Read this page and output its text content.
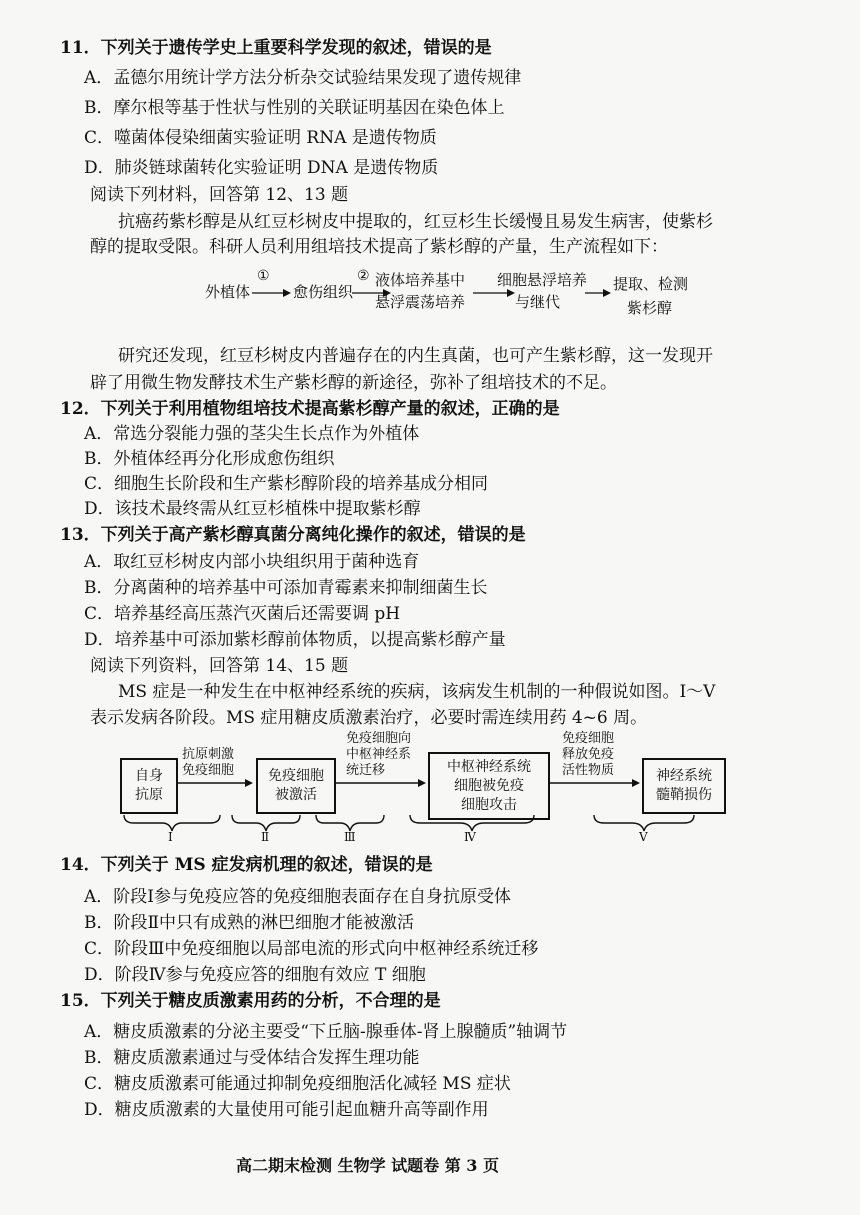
11．下列关于遗传学史上重要科学发现的叙述，错误的是
A．孟德尔用统计学方法分析杂交试验结果发现了遗传规律
B．摩尔根等基于性状与性别的关联证明基因在染色体上
C．噬菌体侵染细菌实验证明 RNA 是遗传物质
D．肺炎链球菌转化实验证明 DNA 是遗传物质
阅读下列材料，回答第 12、13 题
抗癌药紫杉醇是从红豆杉树皮中提取的，红豆杉生长缓慢且易发生病害，使紫杉
醇的提取受限。科研人员利用组培技术提高了紫杉醇的产量，生产流程如下：
外植体
①
愈伤组织
② 液体培养基中
悬浮震荡培养
细胞悬浮培养
与继代
提取、检测
紫杉醇
研究还发现，红豆杉树皮内普遍存在的内生真菌，也可产生紫杉醇，这一发现开
辟了用微生物发酵技术生产紫杉醇的新途径，弥补了组培技术的不足。
12．下列关于利用植物组培技术提高紫杉醇产量的叙述，正确的是
A．常选分裂能力强的茎尖生长点作为外植体
B．外植体经再分化形成愈伤组织
C．细胞生长阶段和生产紫杉醇阶段的培养基成分相同
D．该技术最终需从红豆杉植株中提取紫杉醇
13．下列关于高产紫杉醇真菌分离纯化操作的叙述，错误的是
A．取红豆杉树皮内部小块组织用于菌种选育
B．分离菌种的培养基中可添加青霉素来抑制细菌生长
C．培养基经高压蒸汽灭菌后还需要调 pH
D．培养基中可添加紫杉醇前体物质，以提高紫杉醇产量
阅读下列资料，回答第 14、15 题
MS 症是一种发生在中枢神经系统的疾病，该病发生机制的一种假说如图。Ⅰ～Ⅴ
表示发病各阶段。MS 症用糖皮质激素治疗，必要时需连续用药 4~6 周。
自身
抗原
抗原刺激
免疫细胞 免疫细胞
被激活
免疫细胞向
中枢神经系
统迁移	中枢神经系统
细胞被免疫
细胞攻击
免疫细胞
释放免疫
活性物质	神经系统
髓鞘损伤
Ⅰ	Ⅱ	Ⅲ	Ⅳ	Ⅴ
14．下列关于 MS 症发病机理的叙述，错误的是
A．阶段Ⅰ参与免疫应答的免疫细胞表面存在自身抗原受体
B．阶段Ⅱ中只有成熟的淋巴细胞才能被激活
C．阶段Ⅲ中免疫细胞以局部电流的形式向中枢神经系统迁移
D．阶段Ⅳ参与免疫应答的细胞有效应 T 细胞
15．下列关于糖皮质激素用药的分析，不合理的是
A．糖皮质激素的分泌主要受“下丘脑-腺垂体-肾上腺髓质”轴调节
B．糖皮质激素通过与受体结合发挥生理功能
C．糖皮质激素可能通过抑制免疫细胞活化减轻 MS 症状
D．糖皮质激素的大量使用可能引起血糖升高等副作用
高二期末检测 生物学 试题卷 第 3 页
